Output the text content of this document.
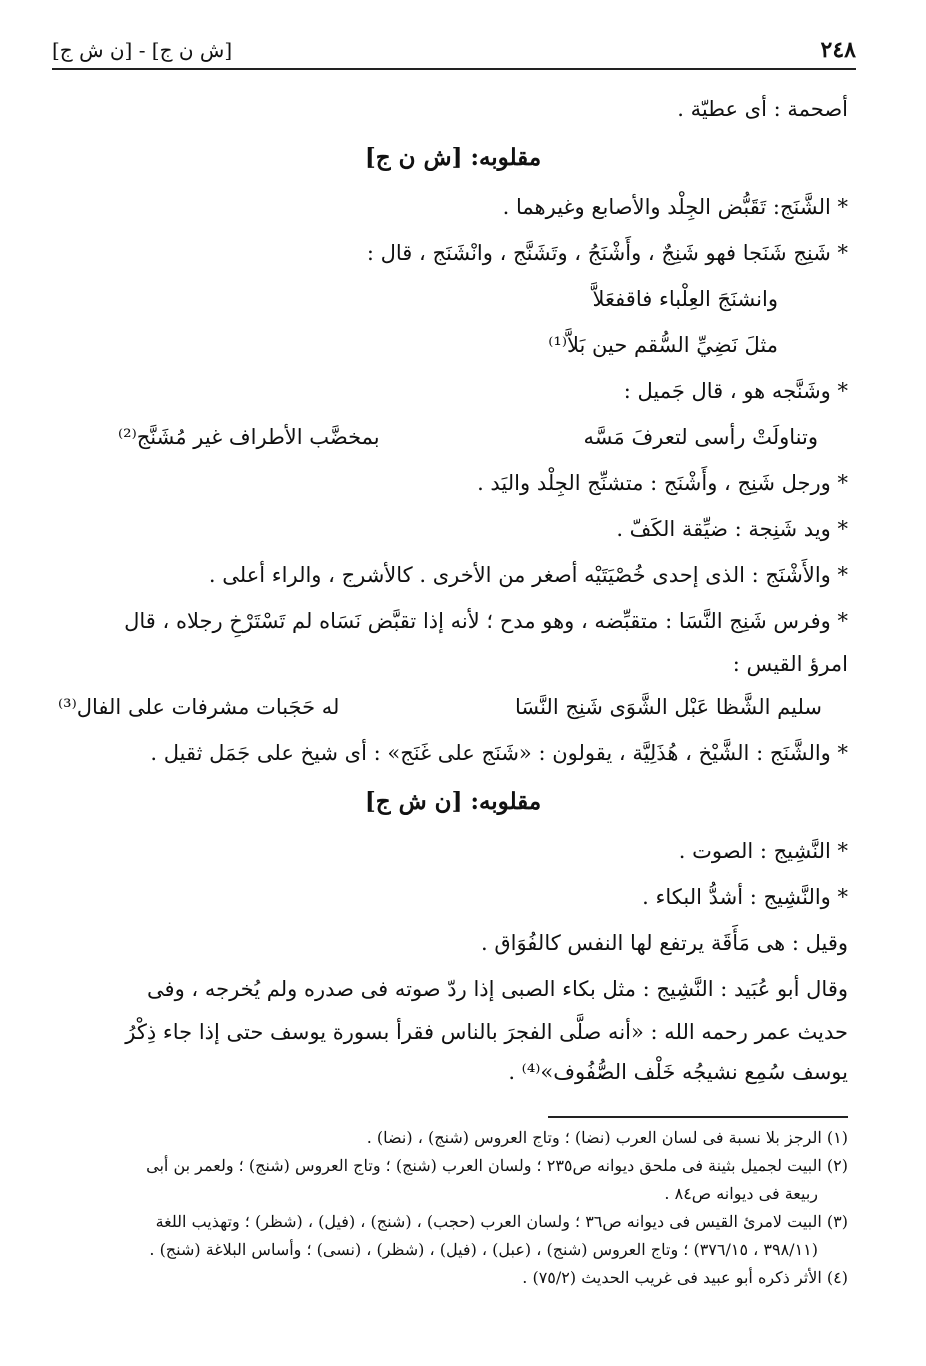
٢٤٨
[ش ن ج] - [ن ش ج]
أصحمة : أى عطيّة .
مقلوبه: [ش ن ج]
* الشَّنَج: تَقَبُّض الجِلْد والأصابع وغيرهما .
* شَنِج شَنَجا فهو شَنِجٌ ، وأَشْنَجُ ، وتَشَنَّج ، وانْشَنَج ، قال :
وانشنَجَ العِلْباء فاقفعَلاَّ
مثلَ نَضِيِّ السُّقم حين بَلاَّ⁽¹⁾
* وشَنَّجه هو ، قال جَميل :
وتناولَتْ رأسى لتعرفَ مَسَّه
بمخضَّب الأطراف غير مُشَنَّج⁽²⁾
* ورجل شَنِج ، وأَشْنَج : متشنِّج الجِلْد واليَد .
* ويد شَنِجة : ضيِّقة الكَفّ .
* والأَشْنَج : الذى إحدى خُصْيَتَيْه أصغر من الأخرى . كالأشرج ، والراء أعلى .
* وفرس شَنِج النَّسَا : متقبِّضه ، وهو مدح ؛ لأنه إذا تقبَّض نَسَاه لم تَسْتَرْخِ رجلاه ، قال
امرؤ القيس :
سليم الشَّظا عَبْل الشَّوَى شَنِج النَّسَا
له حَجَبات مشرفات على الفال⁽³⁾
* والشَّنَج : الشَّيْخ ، هُذَلِيَّة ، يقولون : «شَنَج على غَنَج» : أى شيخ على جَمَل ثقيل .
مقلوبه: [ن ش ج]
* النَّشِيج : الصوت .
* والنَّشِيج : أشدُّ البكاء .
وقيل : هى مَأَقَة يرتفع لها النفس كالفُوَاق .
وقال أبو عُبَيد : النَّشِيج : مثل بكاء الصبى إذا ردّ صوته فى صدره ولم يُخرجه ، وفى
حديث عمر رحمه الله : «أنه صلَّى الفجرَ بالناس فقرأ بسورة يوسف حتى إذا جاء ذِكْرُ
يوسف سُمِع نشيجُه خَلْف الصُّفُوف»⁽⁴⁾ .
(١) الرجز بلا نسبة فى لسان العرب (نضا) ؛ وتاج العروس (شنج) ، (نضا) .
(٢) البيت لجميل بثينة فى ملحق ديوانه ص٢٣٥ ؛ ولسان العرب (شنج) ؛ وتاج العروس (شنج) ؛ ولعمر بن أبى
ربيعة فى ديوانه ص٨٤ .
(٣) البيت لامرئ القيس فى ديوانه ص٣٦ ؛ ولسان العرب (حجب) ، (شنج) ، (فيل) ، (شظر) ؛ وتهذيب اللغة
(٣٩٨/١١ ، ٣٧٦/١٥) ؛ وتاج العروس (شنج) ، (عبل) ، (فيل) ، (شظر) ، (نسى) ؛ وأساس البلاغة (شنج) .
(٤) الأثر ذكره أبو عبيد فى غريب الحديث (٧٥/٢) .
